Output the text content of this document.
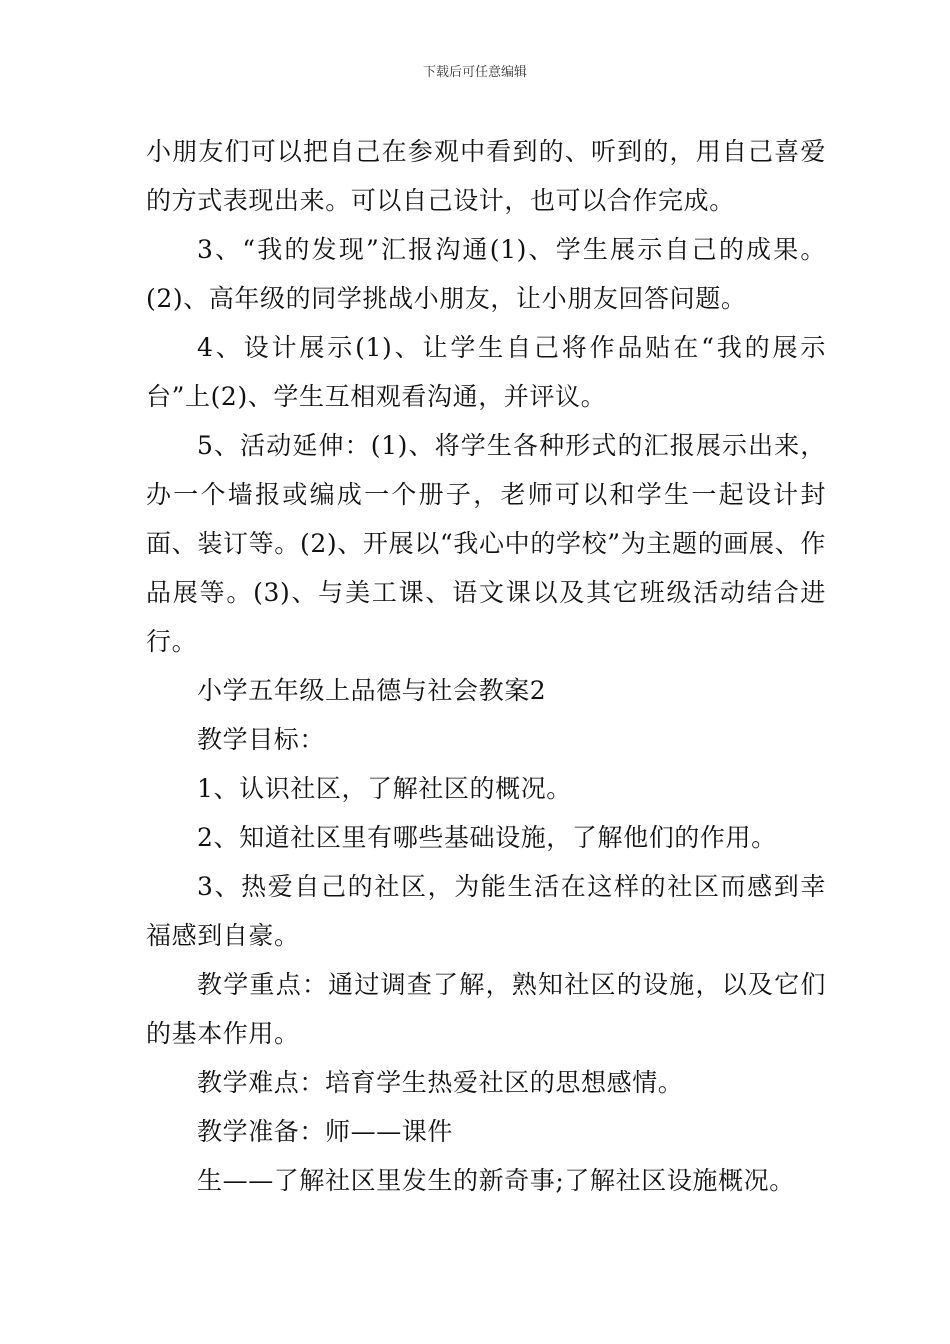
下载后可任意编辑

小朋友们可以把自己在参观中看到的、听到的，用自己喜爱的方式表现出来。可以自己设计，也可以合作完成。

3、“我的发现”汇报沟通(1)、学生展示自己的成果。(2)、高年级的同学挑战小朋友，让小朋友回答问题。

4、设计展示(1)、让学生自己将作品贴在“我的展示台”上(2)、学生互相观看沟通，并评议。

5、活动延伸：(1)、将学生各种形式的汇报展示出来，办一个墙报或编成一个册子，老师可以和学生一起设计封面、装订等。(2)、开展以“我心中的学校”为主题的画展、作品展等。(3)、与美工课、语文课以及其它班级活动结合进行。

小学五年级上品德与社会教案2

教学目标：

1、认识社区，了解社区的概况。

2、知道社区里有哪些基础设施，了解他们的作用。

3、热爱自己的社区，为能生活在这样的社区而感到幸福感到自豪。

教学重点：通过调查了解，熟知社区的设施，以及它们的基本作用。

教学难点：培育学生热爱社区的思想感情。

教学准备：师——课件

生——了解社区里发生的新奇事;了解社区设施概况。
